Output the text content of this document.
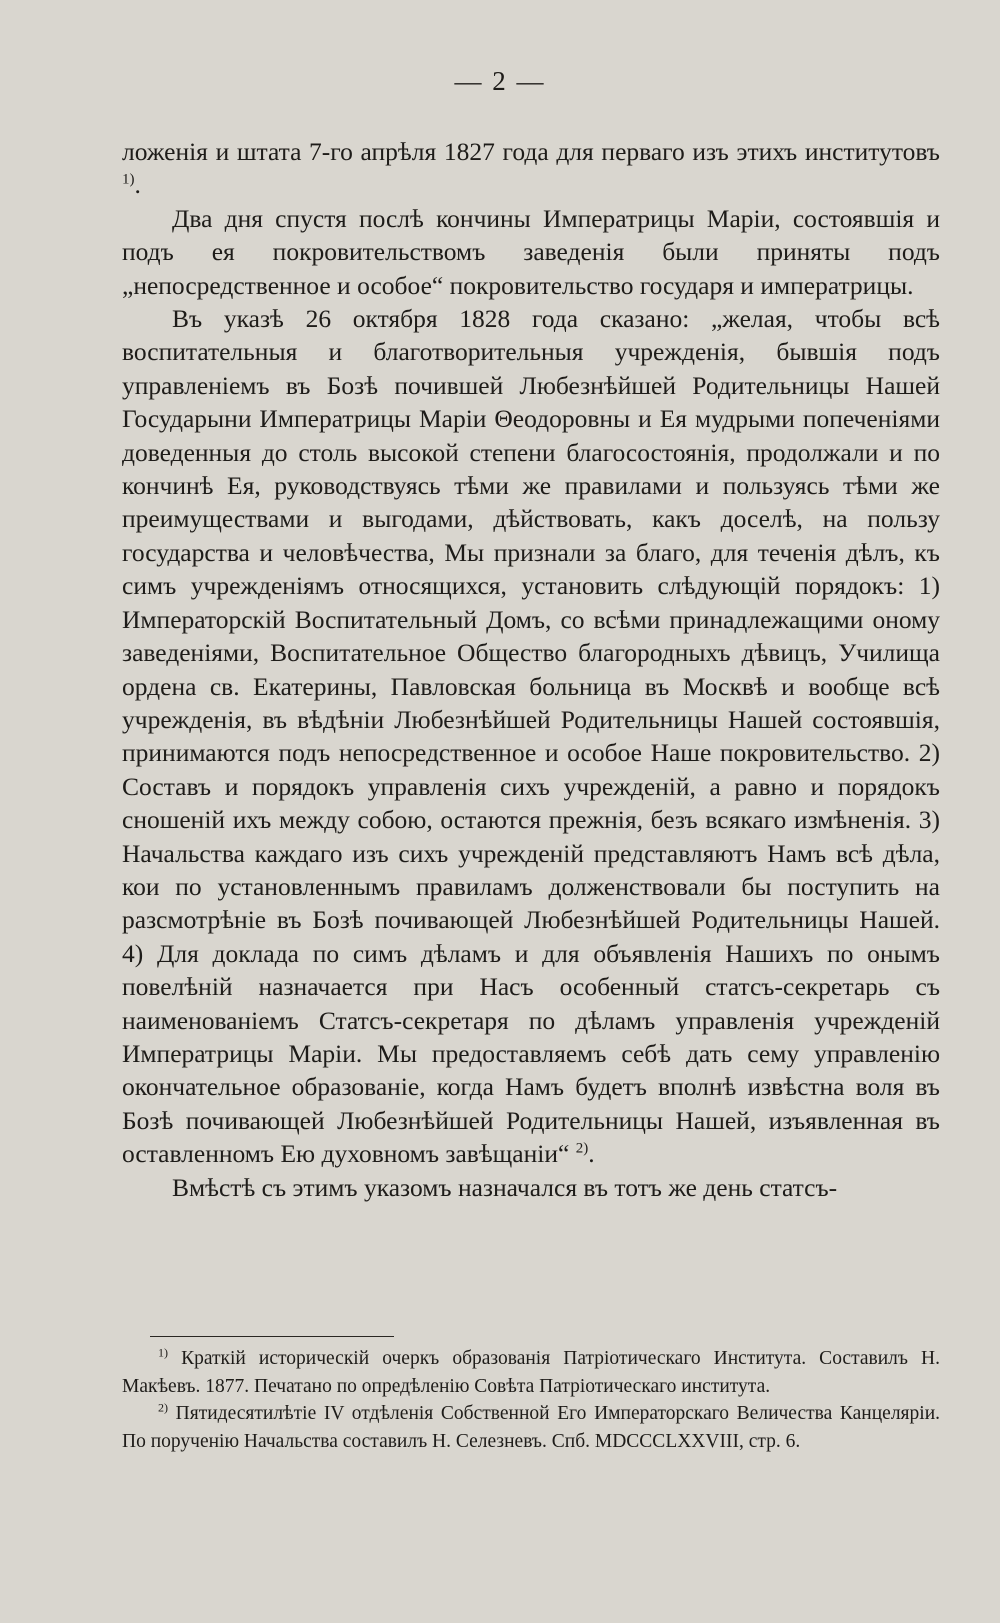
— 2 —

ложенія и штата 7-го апрѣля 1827 года для перваго изъ этихъ институтовъ $^{1)}$.

Два дня спустя послѣ кончины Императрицы Маріи, состоявшія и подъ ея покровительствомъ заведенія были приняты подъ „непосредственное и особое“ покровительство государя и императрицы.

Въ указѣ 26 октября 1828 года сказано: „желая, чтобы всѣ воспитательныя и благотворительныя учрежденія, бывшія подъ управленіемъ въ Бозѣ почившей Любезнѣйшей Родительницы Нашей Государыни Императрицы Маріи Θеодоровны и Ея мудрыми попеченіями доведенныя до столь высокой степени благосостоянія, продолжали и по кончинѣ Ея, руководствуясь тѣми же правилами и пользуясь тѣми же преимуществами и выгодами, дѣйствовать, какъ доселѣ, на пользу государства и человѣчества, Мы признали за благо, для теченія дѣлъ, къ симъ учрежденіямъ относящихся, установить слѣдующій порядокъ: 1) Императорскій Воспитательный Домъ, со всѣми принадлежащими оному заведеніями, Воспитательное Общество благородныхъ дѣвицъ, Училища ордена св. Екатерины, Павловская больница въ Москвѣ и вообще всѣ учрежденія, въ вѣдѣніи Любезнѣйшей Родительницы Нашей состоявшія, принимаются подъ непосредственное и особое Наше покровительство. 2) Составъ и порядокъ управленія сихъ учрежденій, а равно и порядокъ сношеній ихъ между собою, остаются прежнія, безъ всякаго измѣненія. 3) Начальства каждаго изъ сихъ учрежденій представляютъ Намъ всѣ дѣла, кои по установленнымъ правиламъ долженствовали бы поступить на разсмотрѣніе въ Бозѣ почивающей Любезнѣйшей Родительницы Нашей. 4) Для доклада по симъ дѣламъ и для объявленія Нашихъ по онымъ повелѣній назначается при Насъ особенный статсъ-секретарь съ наименованіемъ Статсъ-секретаря по дѣламъ управленія учрежденій Императрицы Маріи. Мы предоставляемъ себѣ дать сему управленію окончательное образованіе, когда Намъ будетъ вполнѣ извѣстна воля въ Бозѣ почивающей Любезнѣйшей Родительницы Нашей, изъявленная въ оставленномъ Ею духовномъ завѣщаніи“ $^{2)}$.

Вмѣстѣ съ этимъ указомъ назначался въ тотъ же день статсъ-

$^{1)}$ Краткій историческій очеркъ образованія Патріотическаго Института. Составилъ Н. Макѣевъ. 1877. Печатано по опредѣленію Совѣта Патріотическаго института.

$^{2)}$ Пятидесятилѣтіе IV отдѣленія Собственной Его Императорскаго Величества Канцеляріи. По порученію Начальства составилъ Н. Селезневъ. Спб. MDCCCLXXVIII, стр. 6.
